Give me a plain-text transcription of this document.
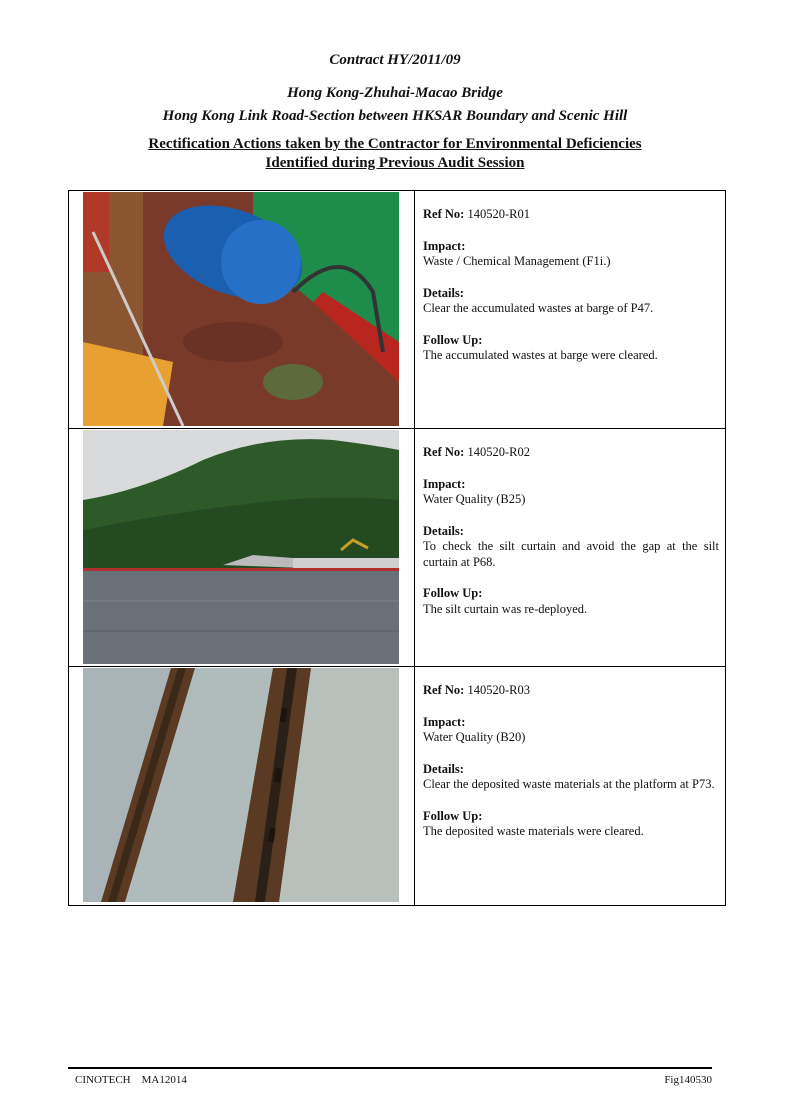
Contract HY/2011/09
Hong Kong-Zhuhai-Macao Bridge
Hong Kong Link Road-Section between HKSAR Boundary and Scenic Hill
Rectification Actions taken by the Contractor for Environmental Deficiencies
Identified during Previous Audit Session

Ref No: 140520-R01

Impact:
Waste / Chemical Management (F1i.)

Details:
Clear the accumulated wastes at barge of P47.

Follow Up:
The accumulated wastes at barge were cleared.

Ref No: 140520-R02

Impact:
Water Quality (B25)

Details:
To check the silt curtain and avoid the gap at the silt curtain at P68.

Follow Up:
The silt curtain was re-deployed.

Ref No: 140520-R03

Impact:
Water Quality (B20)

Details:
Clear the deposited waste materials at the platform at P73.

Follow Up:
The deposited waste materials were cleared.

CINOTECH    MA12014	Fig140530
